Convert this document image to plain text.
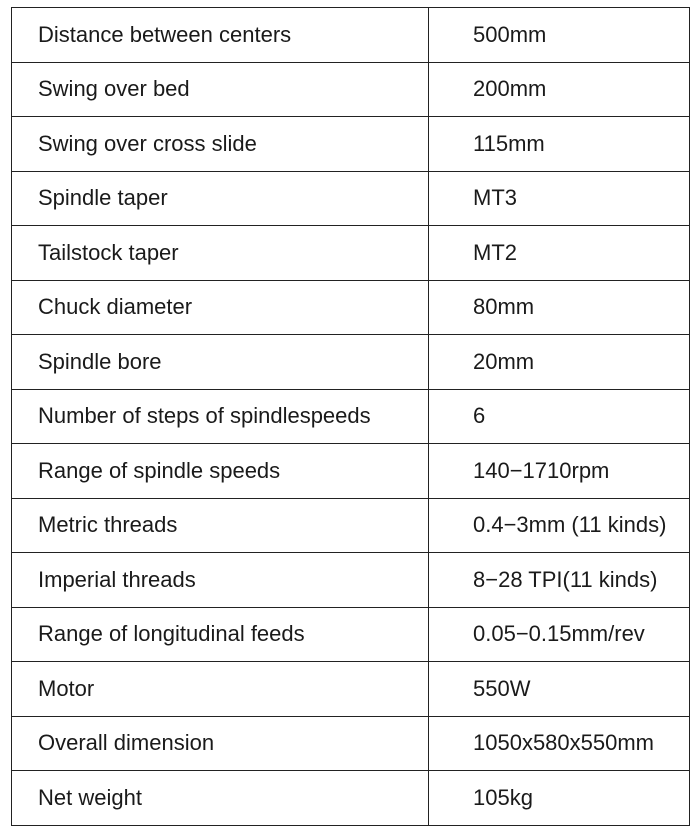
Distance between centers	500mm
Swing over bed	200mm
Swing over cross slide	115mm
Spindle taper	MT3
Tailstock taper	MT2
Chuck diameter	80mm
Spindle bore	20mm
Number of steps of spindlespeeds	6
Range of spindle speeds	140−1710rpm
Metric threads	0.4−3mm (11 kinds)
Imperial threads	8−28 TPI(11 kinds)
Range of longitudinal feeds	0.05−0.15mm/rev
Motor	550W
Overall dimension	1050x580x550mm
Net weight	105kg
